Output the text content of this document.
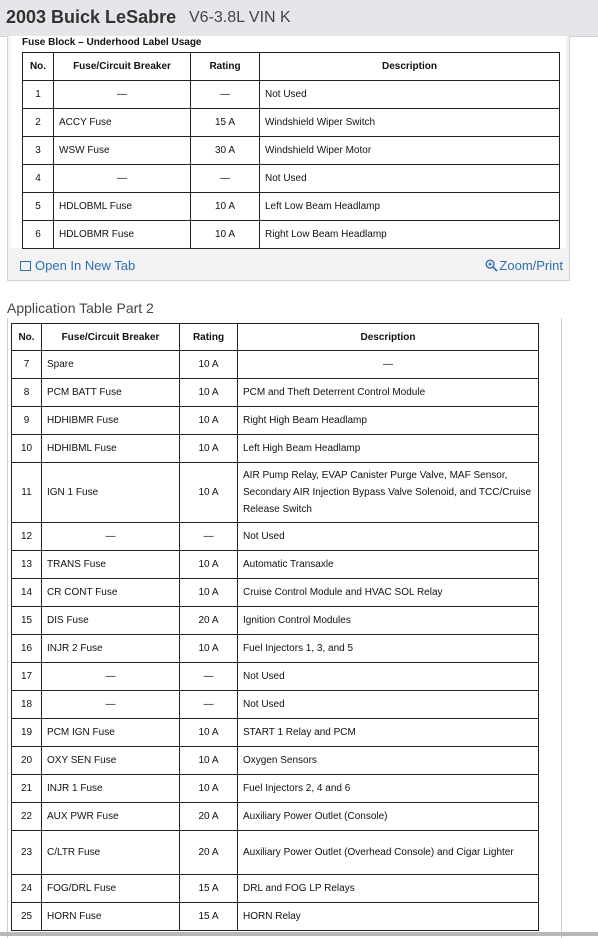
2003 Buick LeSabre V6-3.8L VIN K
Fuse Block – Underhood Label Usage
No.	Fuse/Circuit Breaker	Rating	Description
1	—	—	Not Used
2	ACCY Fuse	15 A	Windshield Wiper Switch
3	WSW Fuse	30 A	Windshield Wiper Motor
4	—	—	Not Used
5	HDLOBML Fuse	10 A	Left Low Beam Headlamp
6	HDLOBMR Fuse	10 A	Right Low Beam Headlamp
Open In New Tab	Zoom/Print
Application Table Part 2
No.	Fuse/Circuit Breaker	Rating	Description
7	Spare	10 A	—
8	PCM BATT Fuse	10 A	PCM and Theft Deterrent Control Module
9	HDHIBMR Fuse	10 A	Right High Beam Headlamp
10	HDHIBML Fuse	10 A	Left High Beam Headlamp
11	IGN 1 Fuse	10 A	AIR Pump Relay, EVAP Canister Purge Valve, MAF Sensor, Secondary AIR Injection Bypass Valve Solenoid, and TCC/Cruise Release Switch
12	—	—	Not Used
13	TRANS Fuse	10 A	Automatic Transaxle
14	CR CONT Fuse	10 A	Cruise Control Module and HVAC SOL Relay
15	DIS Fuse	20 A	Ignition Control Modules
16	INJR 2 Fuse	10 A	Fuel Injectors 1, 3, and 5
17	—	—	Not Used
18	—	—	Not Used
19	PCM IGN Fuse	10 A	START 1 Relay and PCM
20	OXY SEN Fuse	10 A	Oxygen Sensors
21	INJR 1 Fuse	10 A	Fuel Injectors 2, 4 and 6
22	AUX PWR Fuse	20 A	Auxiliary Power Outlet (Console)
23	C/LTR Fuse	20 A	Auxiliary Power Outlet (Overhead Console) and Cigar Lighter
24	FOG/DRL Fuse	15 A	DRL and FOG LP Relays
25	HORN Fuse	15 A	HORN Relay
